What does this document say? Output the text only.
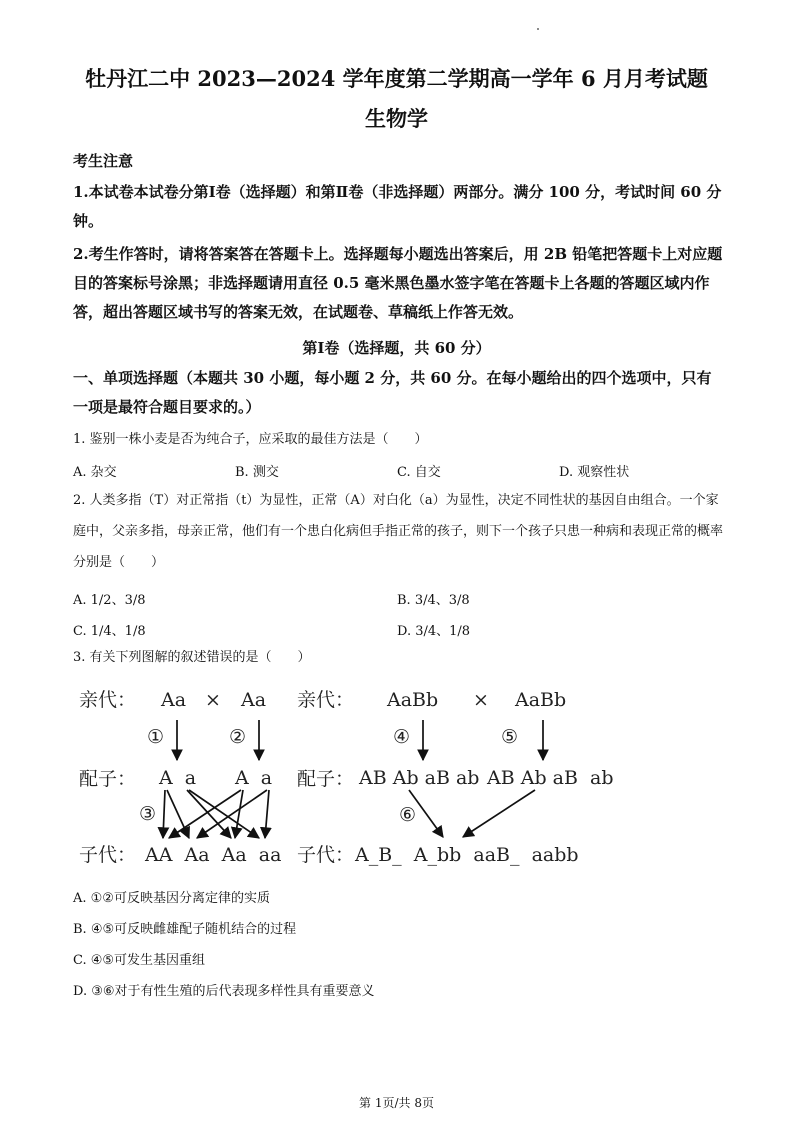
牡丹江二中 2023—2024 学年度第二学期高一学年 6 月月考试题
生物学
考生注意
1.本试卷本试卷分第Ⅰ卷（选择题）和第Ⅱ卷（非选择题）两部分。满分 100 分，考试时间 60 分钟。
2.考生作答时，请将答案答在答题卡上。选择题每小题选出答案后，用 2B 铅笔把答题卡上对应题目的答案标号涂黑；非选择题请用直径 0.5 毫米黑色墨水签字笔在答题卡上各题的答题区域内作答，超出答题区域书写的答案无效，在试题卷、草稿纸上作答无效。
第Ⅰ卷（选择题，共 60 分）
一、单项选择题（本题共 30 小题，每小题 2 分，共 60 分。在每小题给出的四个选项中，只有一项是最符合题目要求的。）
1. 鉴别一株小麦是否为纯合子，应采取的最佳方法是（　　）
A. 杂交	B. 测交	C. 自交	D. 观察性状
2. 人类多指（T）对正常指（t）为显性，正常（A）对白化（a）为显性，决定不同性状的基因自由组合。一个家庭中，父亲多指，母亲正常，他们有一个患白化病但手指正常的孩子，则下一个孩子只患一种病和表现正常的概率分别是（　　）
A. 1/2、3/8	B. 3/4、3/8
C. 1/4、1/8	D. 3/4、1/8
3. 有关下列图解的叙述错误的是（　　）
亲代： Aa × Aa
①	②
配子： A  a A  a
③
子代： AA  Aa  Aa  aa
亲代： AaBb × AaBb
④	⑤
配子： AB Ab aB ab AB Ab aB  ab
⑥
子代： A_B_  A_bb  aaB_  aabb
A. ①②可反映基因分离定律的实质
B. ④⑤可反映雌雄配子随机结合的过程
C. ④⑤可发生基因重组
D. ③⑥对于有性生殖的后代表现多样性具有重要意义
第 1页/共 8页
